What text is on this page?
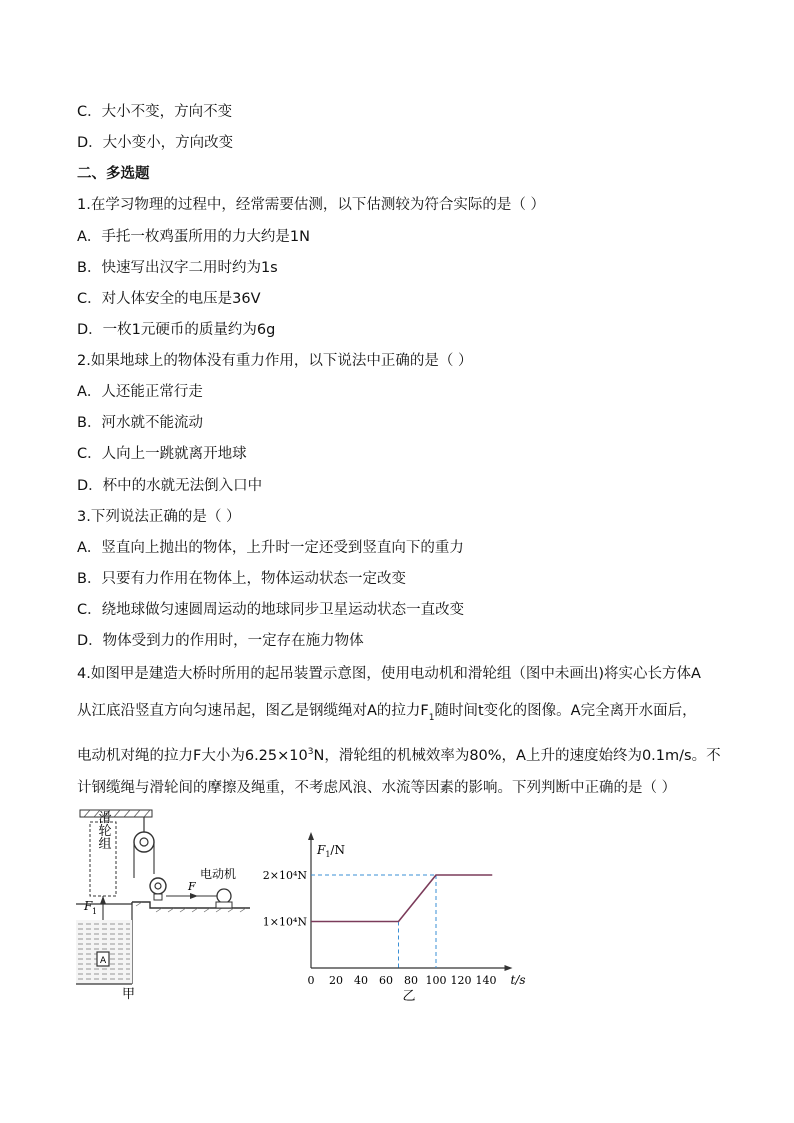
C．大小不变，方向不变
D．大小变小，方向改变
二、多选题
1.在学习物理的过程中，经常需要估测，以下估测较为符合实际的是（ ）
A．手托一枚鸡蛋所用的力大约是1N
B．快速写出汉字二用时约为1s
C．对人体安全的电压是36V
D．一枚1元硬币的质量约为6g
2.如果地球上的物体没有重力作用，以下说法中正确的是（ ）
A．人还能正常行走
B．河水就不能流动
C．人向上一跳就离开地球
D．杯中的水就无法倒入口中
3.下列说法正确的是（ ）
A．竖直向上抛出的物体，上升时一定还受到竖直向下的重力
B．只要有力作用在物体上，物体运动状态一定改变
C．绕地球做匀速圆周运动的地球同步卫星运动状态一直改变
D．物体受到力的作用时，一定存在施力物体
4.如图甲是建造大桥时所用的起吊装置示意图，使用电动机和滑轮组（图中未画出)将实心长方体A
从江底沿竖直方向匀速吊起，图乙是钢缆绳对A的拉力$F_1$随时间t变化的图像。A完全离开水面后，
电动机对绳的拉力F大小为$6.25\times 10^3N$，滑轮组的机械效率为80%，A上升的速度始终为0.1m/s。不
计钢缆绳与滑轮间的摩擦及绳重，不考虑风浪、水流等因素的影响。下列判断中正确的是（ ）
滑轮组
F 1
F
电动机
A
甲
$F_1/N$
t/s
0 20 40 60 80 100 120 140
1×10⁴N
2×10⁴N
乙
